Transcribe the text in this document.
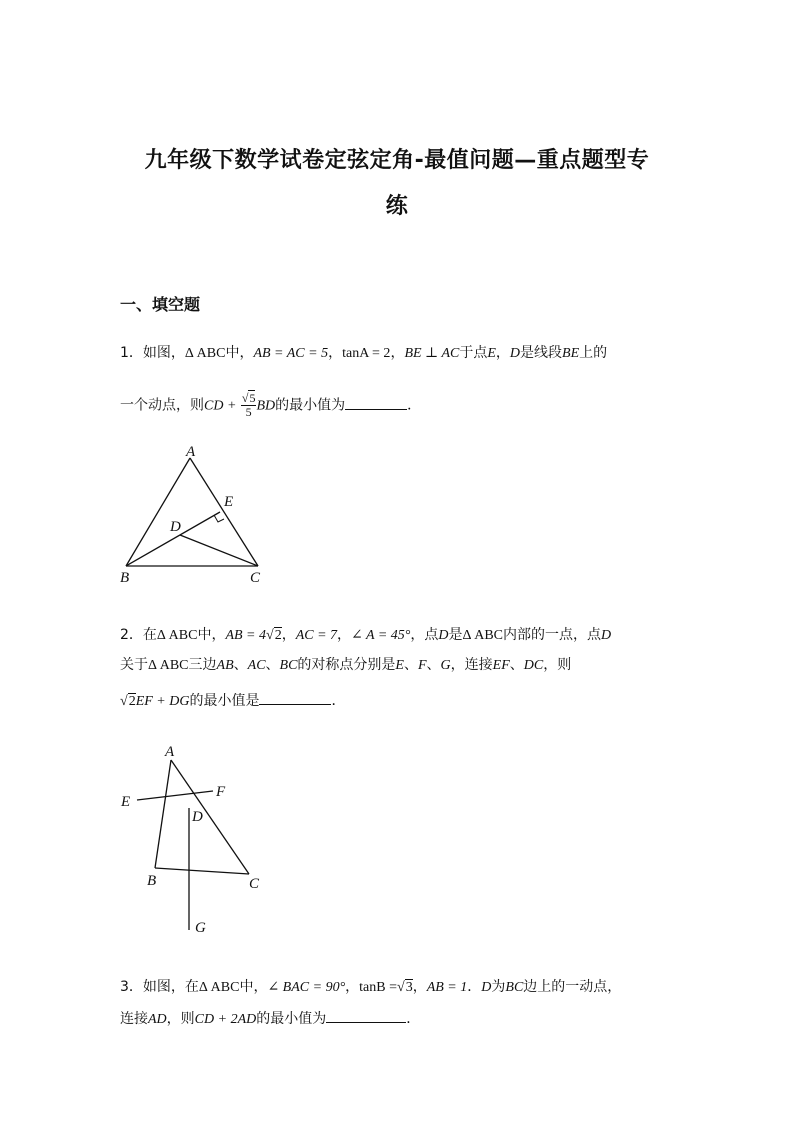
九年级下数学试卷定弦定角-最值问题—重点题型专
练
一、填空题
1．如图，Δ ABC中，AB = AC = 5，tanA = 2，BE ⊥ AC于点E，D是线段BE上的
一个动点，则CD + $\frac{√5}{5}$ BD的最小值为	．
A
E
D
B	C
2．在Δ ABC中，AB = 4√2，AC = 7，∠ A = 45°，点D是Δ ABC内部的一点，点D
关于Δ ABC三边AB、AC、BC的对称点分别是E、F、G，连接EF、DC，则
√2EF + DG的最小值是	．
A
E
F
D
B	C
G
3．如图，在Δ ABC中，∠ BAC = 90°，tanB =√3，AB = 1．D为BC边上的一动点，
连接AD，则CD + 2AD的最小值为	．
